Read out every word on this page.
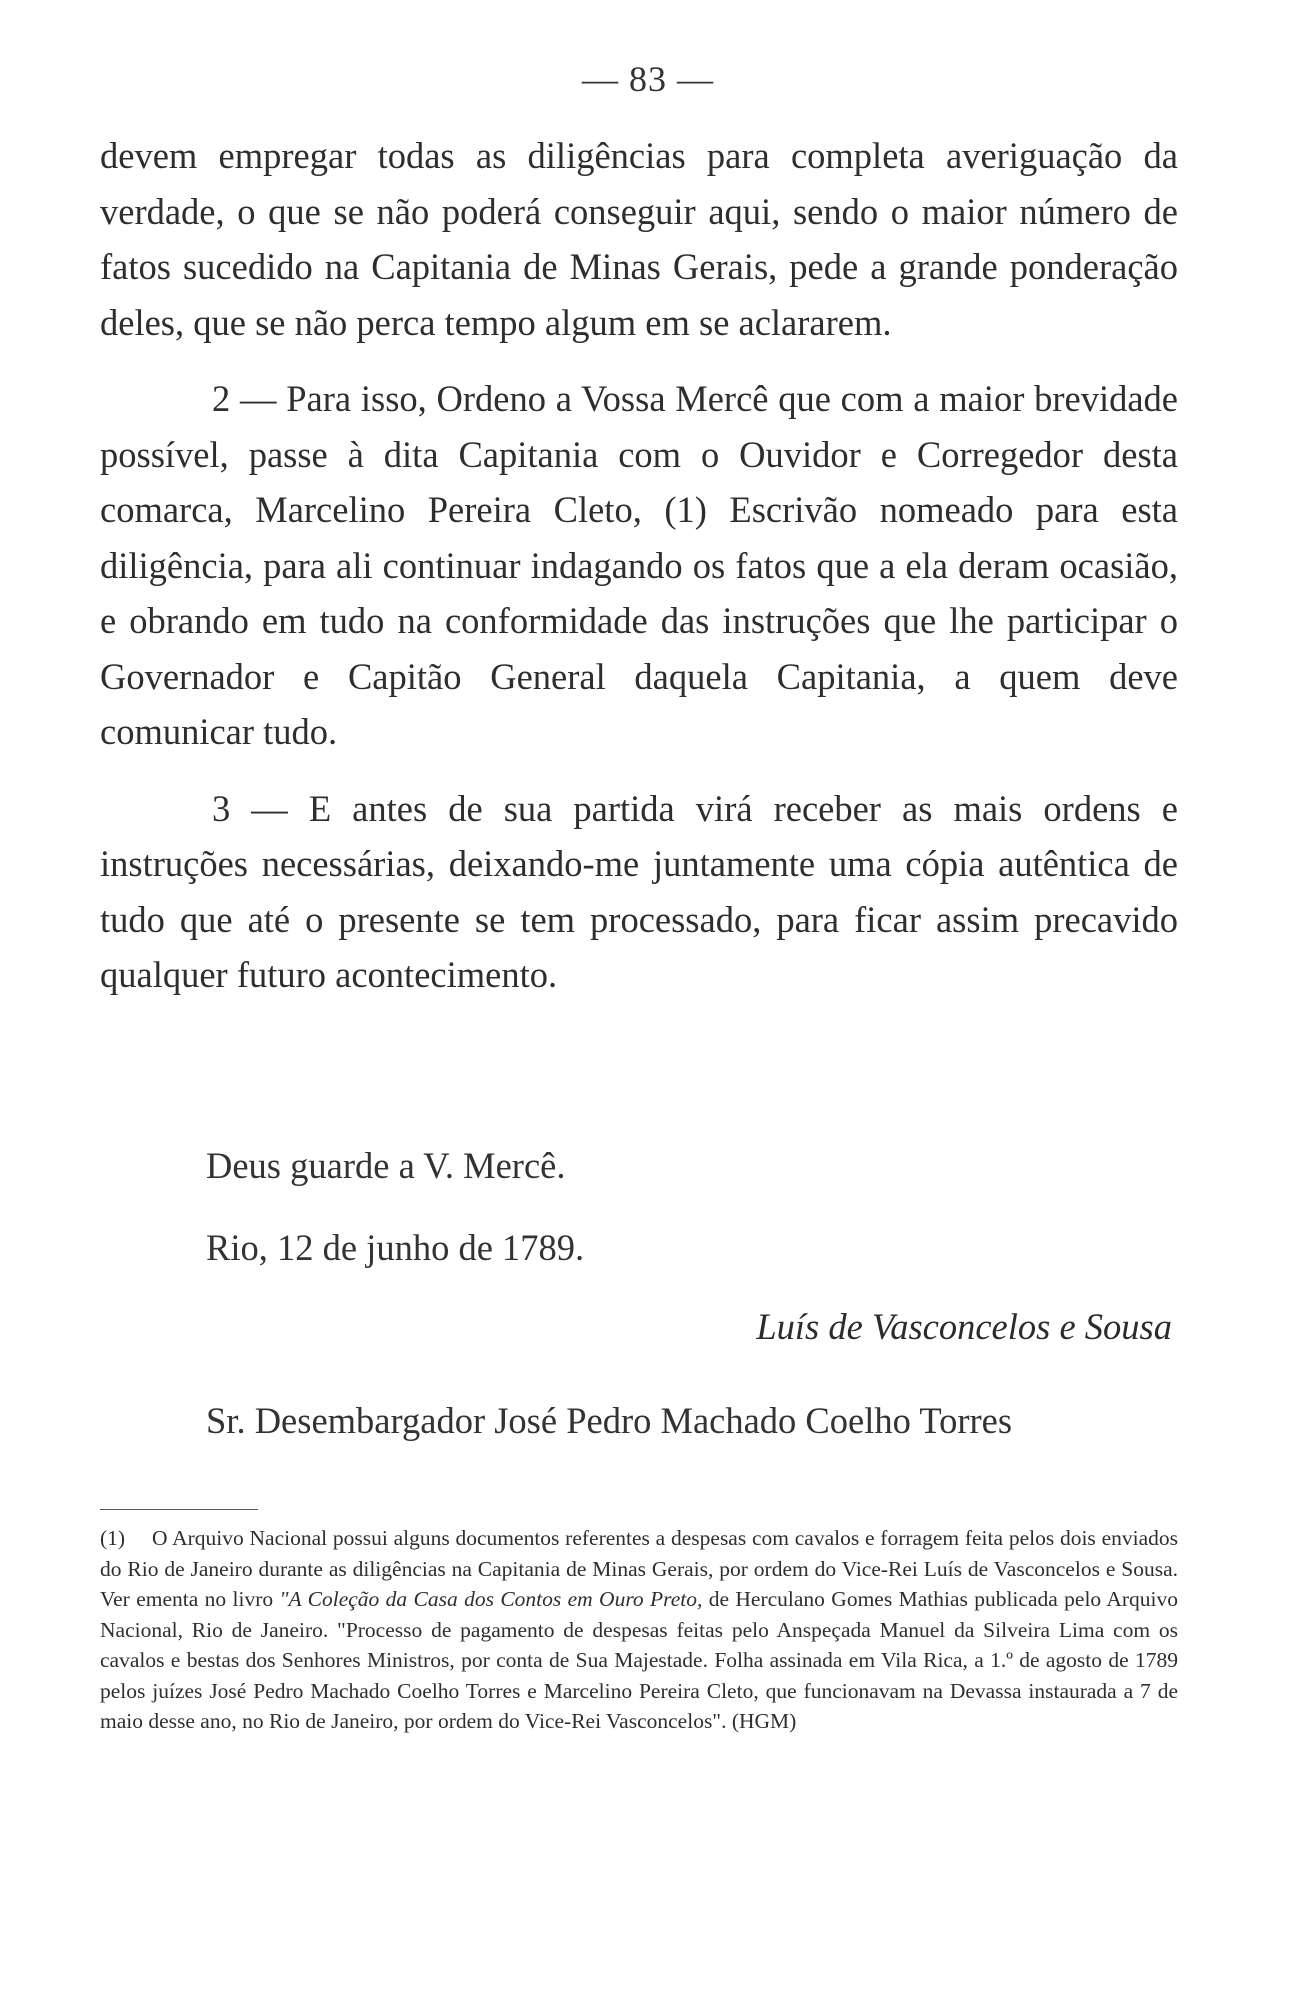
— 83 —

devem empregar todas as diligências para completa averiguação da verdade, o que se não poderá conseguir aqui, sendo o maior número de fatos sucedido na Capitania de Minas Gerais, pede a grande ponderação deles, que se não perca tempo algum em se aclararem.

2 — Para isso, Ordeno a Vossa Mercê que com a maior brevidade possível, passe à dita Capitania com o Ouvidor e Corregedor desta comarca, Marcelino Pereira Cleto, (1) Escrivão nomeado para esta diligência, para ali continuar indagando os fatos que a ela deram ocasião, e obrando em tudo na conformidade das instruções que lhe participar o Governador e Capitão General daquela Capitania, a quem deve comunicar tudo.

3 — E antes de sua partida virá receber as mais ordens e instruções necessárias, deixando-me juntamente uma cópia autêntica de tudo que até o presente se tem processado, para ficar assim precavido qualquer futuro acontecimento.

Deus guarde a V. Mercê.
Rio, 12 de junho de 1789.
Luís de Vasconcelos e Sousa
Sr. Desembargador José Pedro Machado Coelho Torres

(1) O Arquivo Nacional possui alguns documentos referentes a despesas com cavalos e forragem feita pelos dois enviados do Rio de Janeiro durante as diligências na Capitania de Minas Gerais, por ordem do Vice-Rei Luís de Vasconcelos e Sousa. Ver ementa no livro "A Coleção da Casa dos Contos em Ouro Preto, de Herculano Gomes Mathias publicada pelo Arquivo Nacional, Rio de Janeiro. "Processo de pagamento de despesas feitas pelo Anspeçada Manuel da Silveira Lima com os cavalos e bestas dos Senhores Ministros, por conta de Sua Majestade. Folha assinada em Vila Rica, a 1.º de agosto de 1789 pelos juízes José Pedro Machado Coelho Torres e Marcelino Pereira Cleto, que funcionavam na Devassa instaurada a 7 de maio desse ano, no Rio de Janeiro, por ordem do Vice-Rei Vasconcelos". (HGM)
